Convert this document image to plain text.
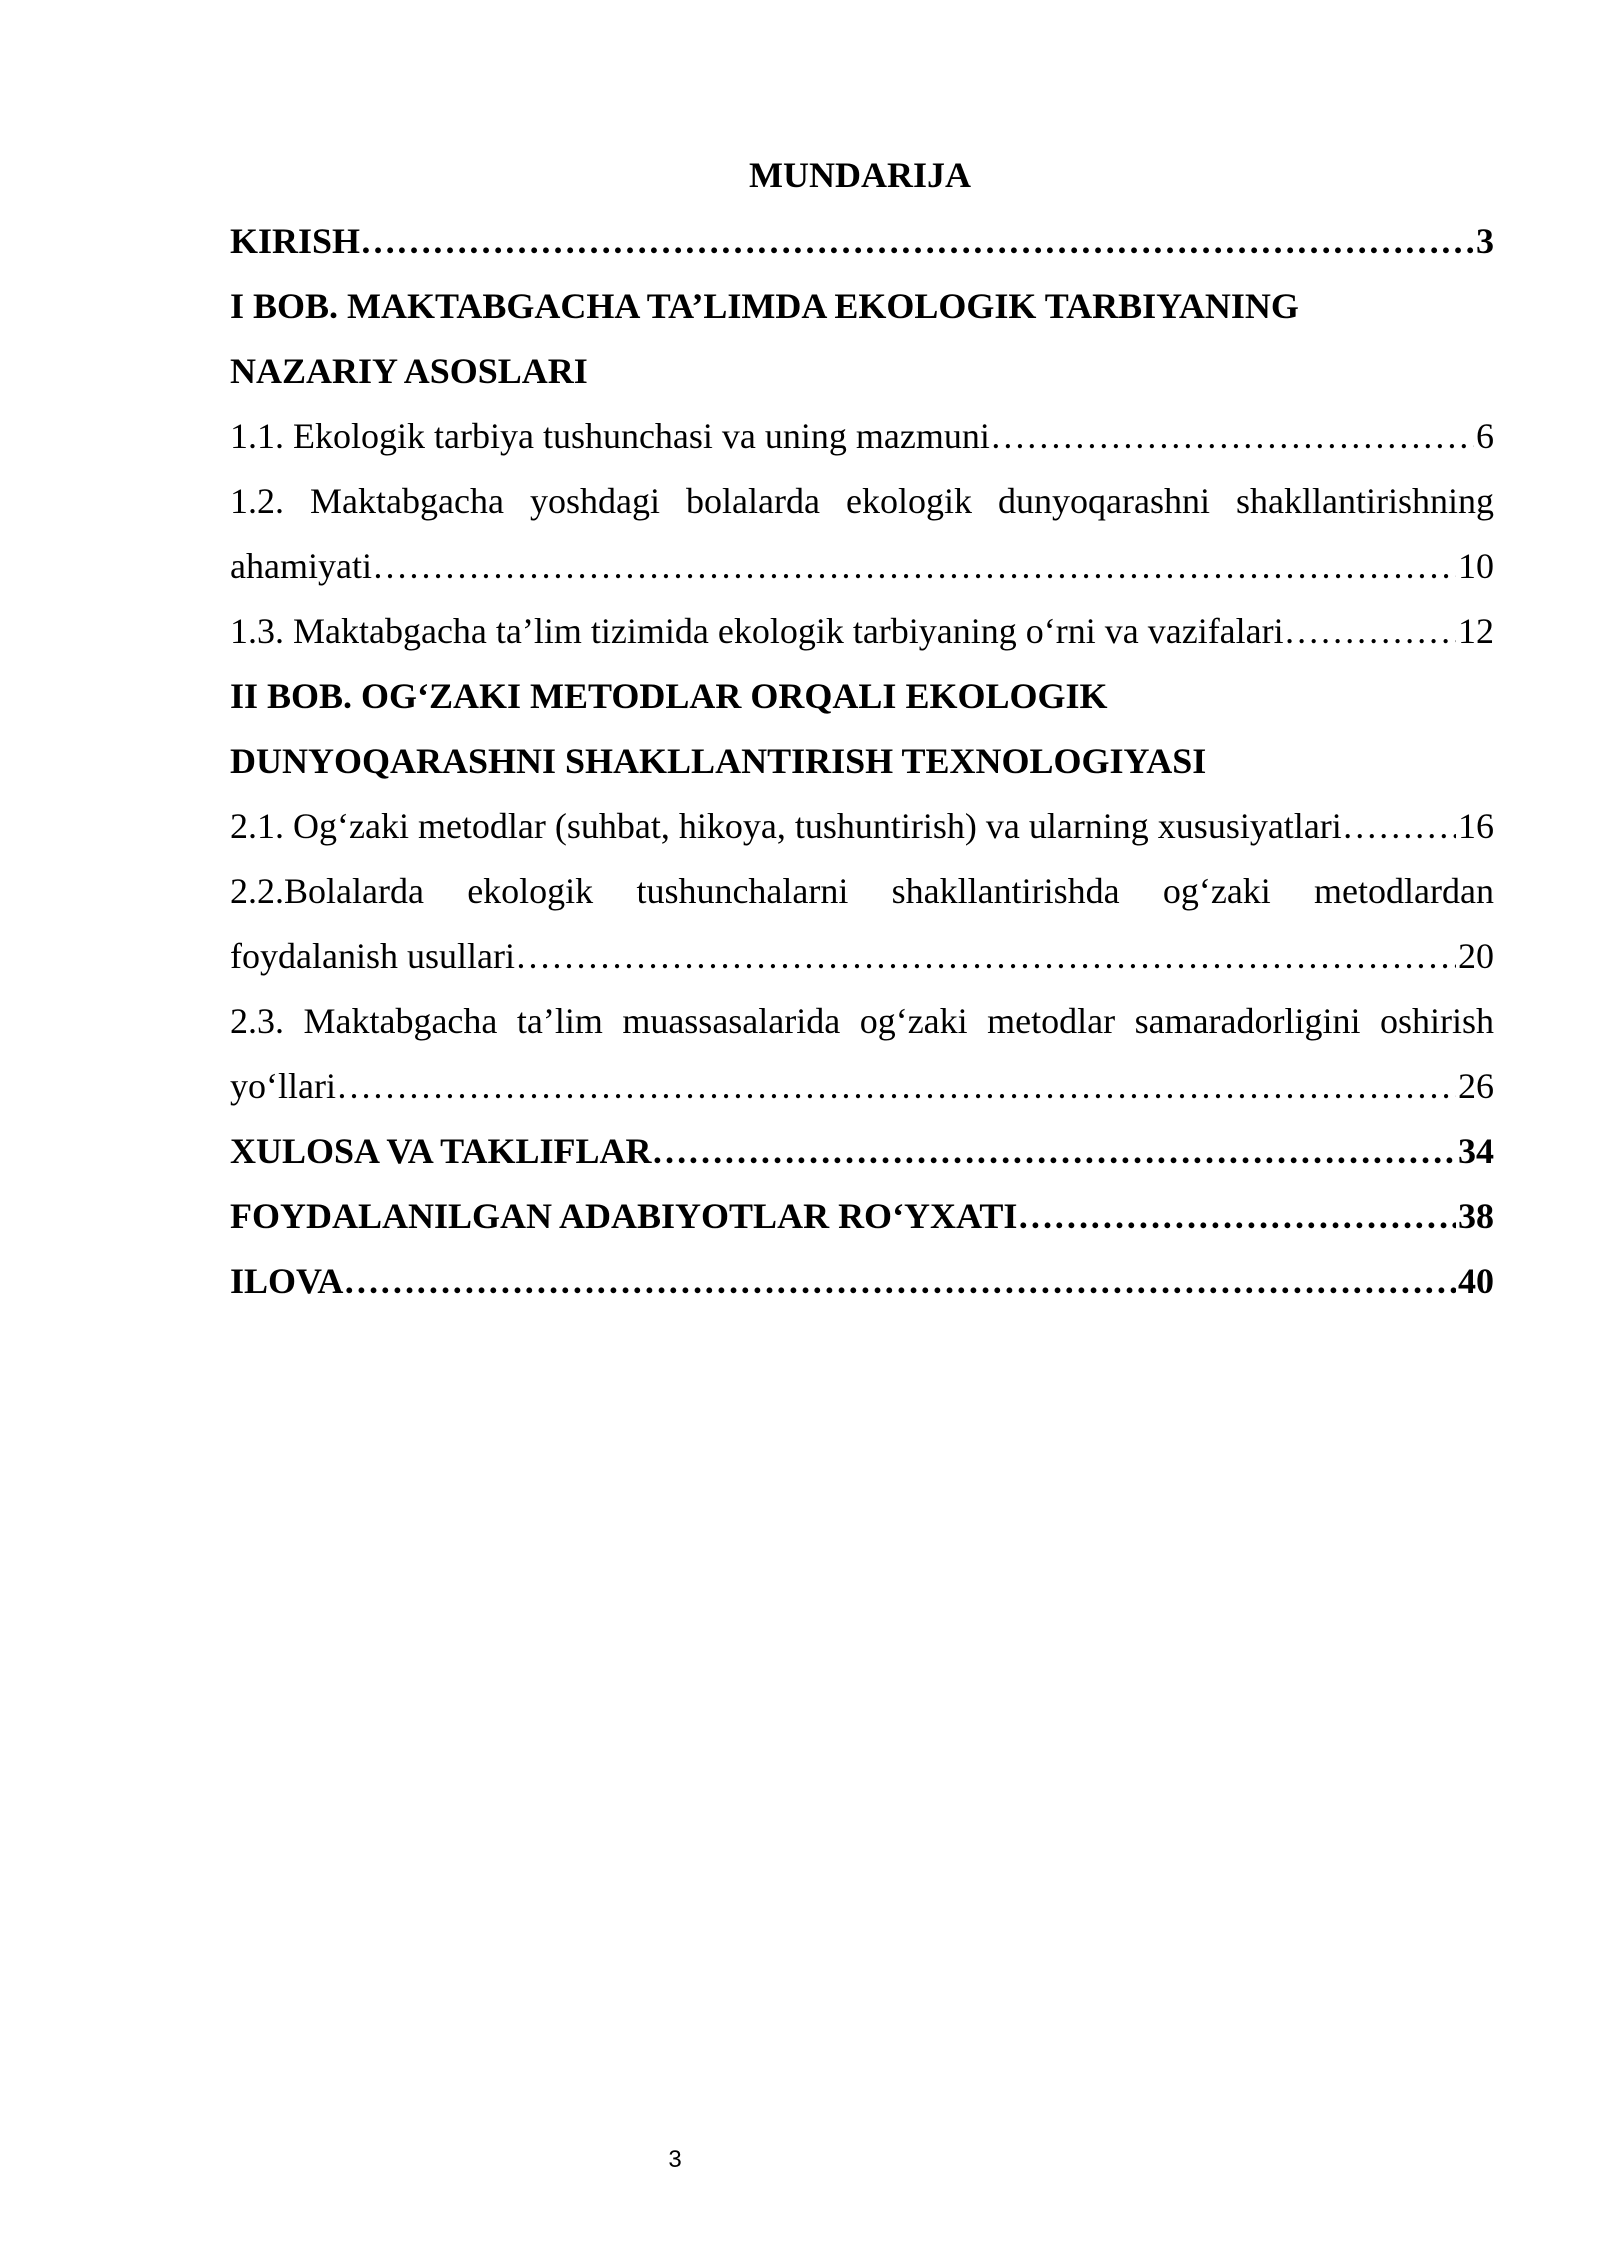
MUNDARIJA
KIRISH ……………………………………………………………………………………………………………………………………………………………………	3
I BOB. MAKTABGACHA TA’LIMDA EKOLOGIK TARBIYANING
NAZARIY ASOSLARI
1.1. Ekologik tarbiya tushunchasi va uning mazmuni ……………………………………………………………………………………………………………………………………………………………………	6
1.2. Maktabgacha yoshdagi bolalarda ekologik dunyoqarashni shakllantirishning
ahamiyati ……………………………………………………………………………………………………………………………………………………………………	10
1.3. Maktabgacha ta’lim tizimida ekologik tarbiyaning o‘rni va vazifalari ……………………………………………………………………………………………………………………………………………………………………	12
II BOB. OG‘ZAKI METODLAR ORQALI EKOLOGIK
DUNYOQARASHNI SHAKLLANTIRISH TEXNOLOGIYASI
2.1. Og‘zaki metodlar (suhbat, hikoya, tushuntirish) va ularning xususiyatlari ……………………………………………………………………………………………………………………………………………………………………	16
2.2.Bolalarda ekologik tushunchalarni shakllantirishda og‘zaki metodlardan
foydalanish usullari ……………………………………………………………………………………………………………………………………………………………………	20
2.3. Maktabgacha ta’lim muassasalarida og‘zaki metodlar samaradorligini oshirish
yo‘llari ……………………………………………………………………………………………………………………………………………………………………	26
XULOSA VA TAKLIFLAR ……………………………………………………………………………………………………………………………………………………………………	34
FOYDALANILGAN ADABIYOTLAR RO‘YXATI ……………………………………………………………………………………………………………………………………………………………………	38
ILOVA ……………………………………………………………………………………………………………………………………………………………………	40
3
